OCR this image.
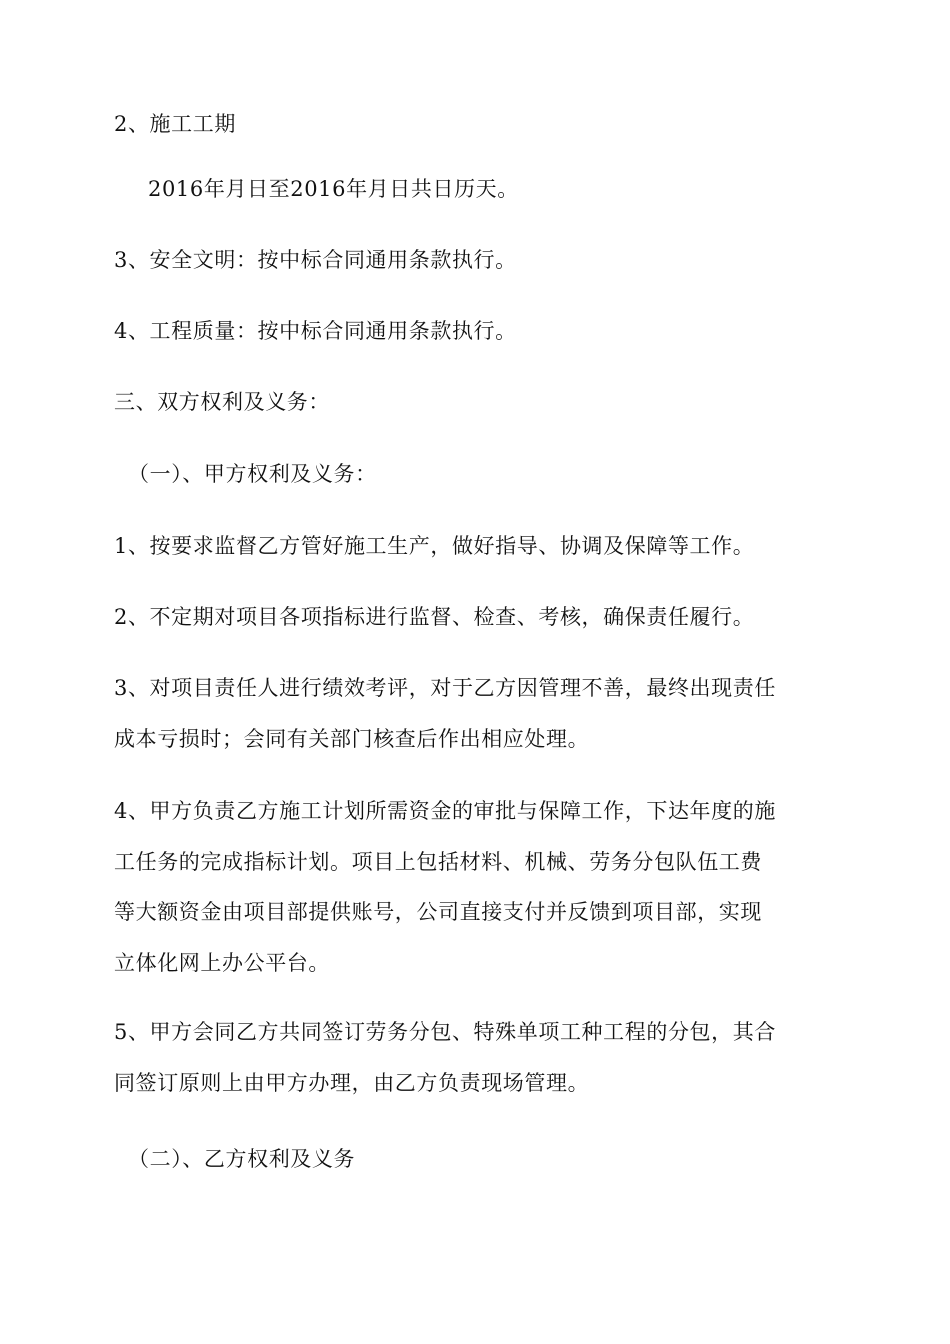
2、施工工期

2016年月日至2016年月日共日历天。

3、安全文明：按中标合同通用条款执行。

4、工程质量：按中标合同通用条款执行。

三、双方权利及义务：

（一）、甲方权利及义务：

1、按要求监督乙方管好施工生产，做好指导、协调及保障等工作。

2、不定期对项目各项指标进行监督、检查、考核，确保责任履行。

3、对项目责任人进行绩效考评，对于乙方因管理不善，最终出现责任

成本亏损时；会同有关部门核查后作出相应处理。

4、甲方负责乙方施工计划所需资金的审批与保障工作，下达年度的施

工任务的完成指标计划。项目上包括材料、机械、劳务分包队伍工费

等大额资金由项目部提供账号，公司直接支付并反馈到项目部，实现

立体化网上办公平台。

5、甲方会同乙方共同签订劳务分包、特殊单项工种工程的分包，其合

同签订原则上由甲方办理，由乙方负责现场管理。

（二）、乙方权利及义务
